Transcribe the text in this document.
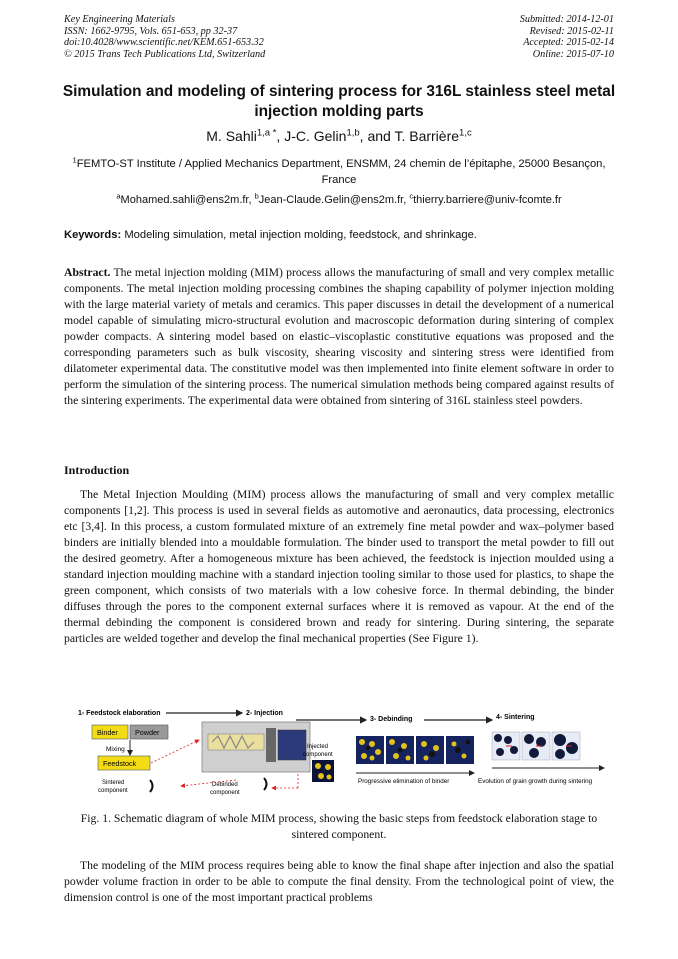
Key Engineering Materials
ISSN: 1662-9795, Vols. 651-653, pp 32-37
doi:10.4028/www.scientific.net/KEM.651-653.32
© 2015 Trans Tech Publications Ltd, Switzerland
Submitted: 2014-12-01
Revised: 2015-02-11
Accepted: 2015-02-14
Online: 2015-07-10
Simulation and modeling of sintering process for 316L stainless steel metal injection molding parts
M. Sahli$^{1,a *}$, J-C. Gelin$^{1,b}$, and T. Barrière$^{1,c}$
$^1$FEMTO-ST Institute / Applied Mechanics Department, ENSMM, 24 chemin de l’épitaphe, 25000 Besançon, France
$^a$Mohamed.sahli@ens2m.fr, $^b$Jean-Claude.Gelin@ens2m.fr, $^c$thierry.barriere@univ-fcomte.fr
Keywords: Modeling simulation, metal injection molding, feedstock, and shrinkage.
Abstract. The metal injection molding (MIM) process allows the manufacturing of small and very complex metallic components. The metal injection molding processing combines the shaping capability of polymer injection molding with the large material variety of metals and ceramics. This paper discusses in detail the development of a numerical model capable of simulating micro-structural evolution and macroscopic deformation during sintering of complex powder compacts. A sintering model based on elastic–viscoplastic constitutive equations was proposed and the corresponding parameters such as bulk viscosity, shearing viscosity and sintering stress were identified from dilatometer experimental data. The constitutive model was then implemented into finite element software in order to perform the simulation of the sintering process. The numerical simulation methods being compared against results of the sintering experiments. The experimental data were obtained from sintering of 316L stainless steel powders.
Introduction
The Metal Injection Moulding (MIM) process allows the manufacturing of small and very complex metallic components [1,2]. This process is used in several fields as automotive and aeronautics, data processing, electronics etc [3,4]. In this process, a custom formulated mixture of an extremely fine metal powder and wax–polymer based binders are initially blended into a mouldable formulation. The binder used to transport the metal powder to fill out the desired geometry. After a homogeneous mixture has been achieved, the feedstock is injection moulded using a standard injection moulding machine with a standard injection tooling similar to those used for plastics, to shape the green component, which consists of two materials with a low cohesive force. In thermal debinding, the binder diffuses through the pores to the component external surfaces where it is removed as vapour. At the end of the thermal debinding the component is considered brown and ready for sintering. During sintering, the separate particles are welded together and develop the final mechanical properties (See Figure 1).
1- Feedstock elaboration	2- Injection
3- Debinding	4- Sintering
Binder Powder
Mixing
Feedstock
Sintered
component
Injected
component
Debinded
component
Progressive elimination of binder	Evolution of grain growth during sintering
Fig. 1. Schematic diagram of whole MIM process, showing the basic steps from feedstock elaboration stage to sintered component.
The modeling of the MIM process requires being able to know the final shape after injection and also the spatial powder volume fraction in order to be able to compute the final density. From the technological point of view, the dimension control is one of the most important practical problems
